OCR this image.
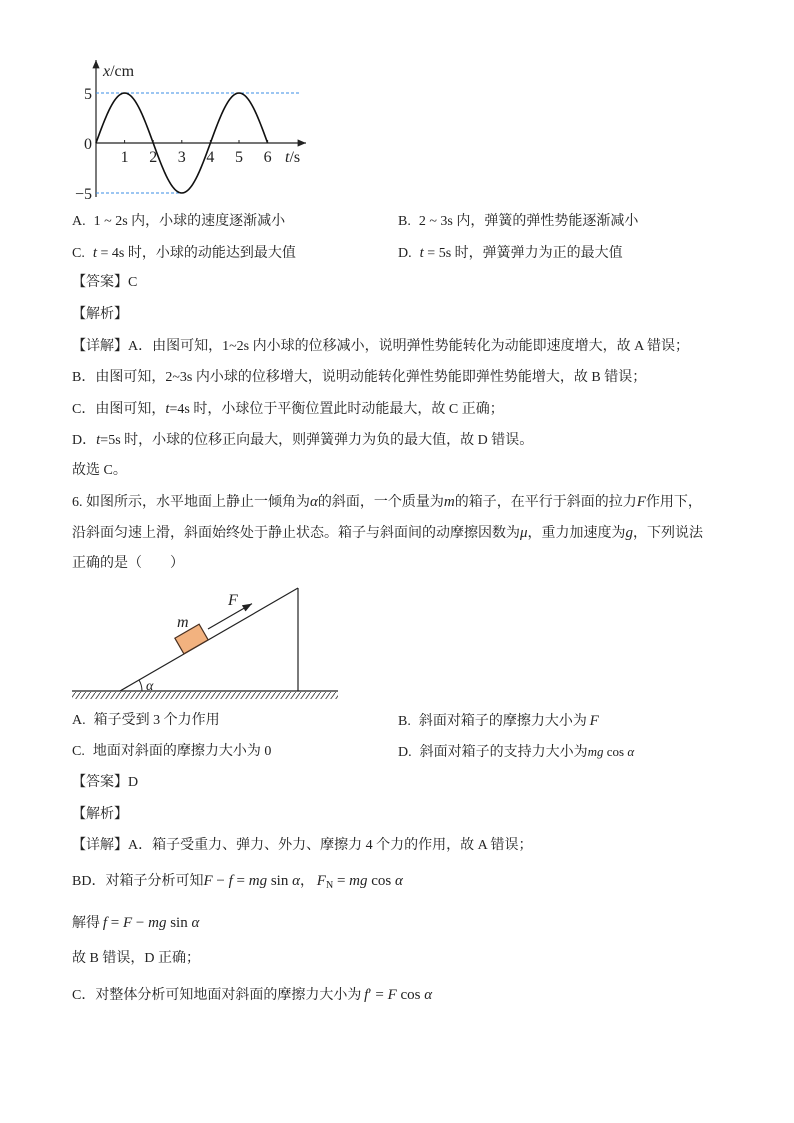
1 2 3 4 5 6
5
0
−5
x/cm
t/s
A. 1 ~ 2s 内，小球的速度逐渐减小	B. 2 ~ 3s 内，弹簧的弹性势能逐渐减小
C. t = 4s 时，小球的动能达到最大值	D. t = 5s 时，弹簧弹力为正的最大值
【答案】C
【解析】
【详解】A．由图可知，1~2s 内小球的位移减小，说明弹性势能转化为动能即速度增大，故 A 错误；
B．由图可知，2~3s 内小球的位移增大，说明动能转化弹性势能即弹性势能增大，故 B 错误；
C．由图可知，t=4s 时，小球位于平衡位置此时动能最大，故 C 正确；
D．t=5s 时，小球的位移正向最大，则弹簧弹力为负的最大值，故 D 错误。
故选 C。
6. 如图所示，水平地面上静止一倾角为α的斜面，一个质量为m的箱子，在平行于斜面的拉力F作用下，
沿斜面匀速上滑，斜面始终处于静止状态。箱子与斜面间的动摩擦因数为μ，重力加速度为g，下列说法
正确的是（　　）
F
m
α
A. 箱子受到 3 个力作用	B. 斜面对箱子的摩擦力大小为  F
C. 地面对斜面的摩擦力大小为 0	D. 斜面对箱子的支持力大小为mg cos α
【答案】D
【解析】
【详解】A．箱子受重力、弹力、外力、摩擦力 4 个力的作用，故 A 错误；
BD．对箱子分析可知F − f = mg sin α，  $F_N$ = mg cos α
解得  f = F − mg sin α
故 B 错误，D 正确；
C．对整体分析可知地面对斜面的摩擦力大小为  f′ = F cos α
